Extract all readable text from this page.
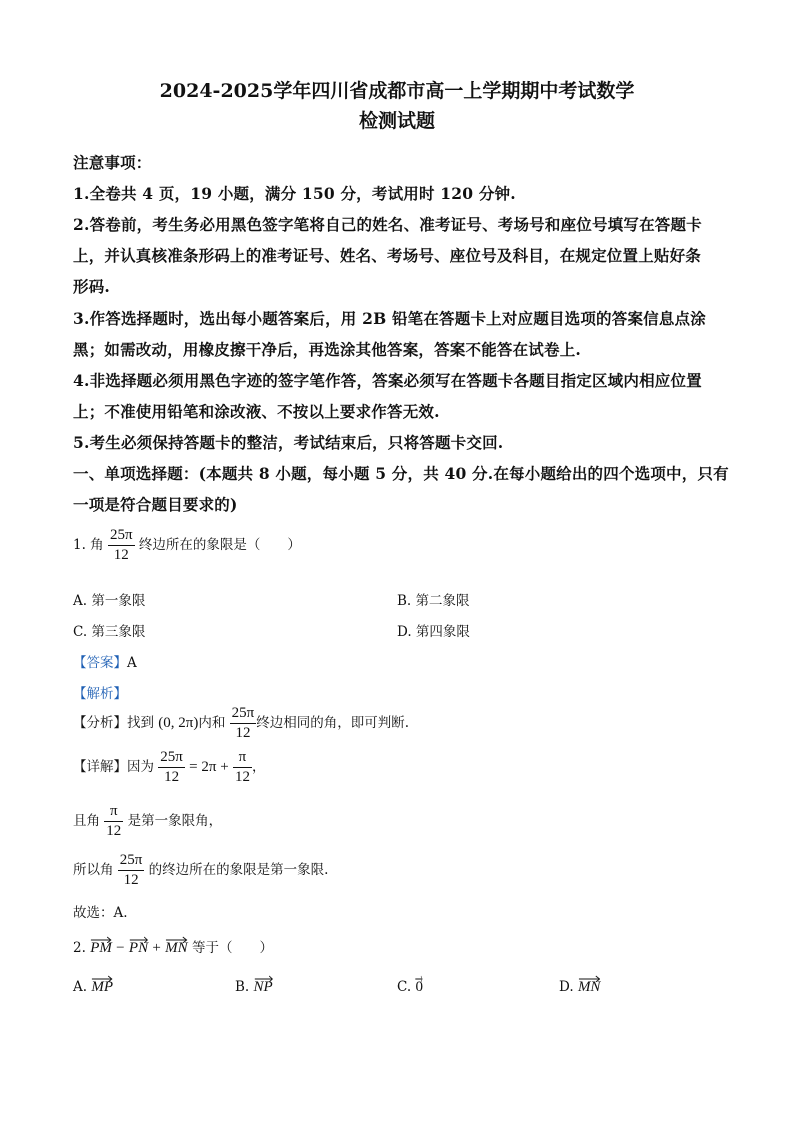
2024-2025学年四川省成都市高一上学期期中考试数学
检测试题
注意事项：
1.全卷共 4 页，19 小题，满分 150 分，考试用时 120 分钟.
2.答卷前，考生务必用黑色签字笔将自己的姓名、准考证号、考场号和座位号填写在答题卡
上，并认真核准条形码上的准考证号、姓名、考场号、座位号及科目，在规定位置上贴好条
形码.
3.作答选择题时，选出每小题答案后，用 2B 铅笔在答题卡上对应题目选项的答案信息点涂
黑；如需改动，用橡皮擦干净后，再选涂其他答案，答案不能答在试卷上.
4.非选择题必须用黑色字迹的签字笔作答，答案必须写在答题卡各题目指定区域内相应位置
上；不准使用铅笔和涂改液、不按以上要求作答无效.
5.考生必须保持答题卡的整洁，考试结束后，只将答题卡交回.
一、单项选择题：(本题共 8 小题，每小题 5 分，共 40 分.在每小题给出的四个选项中，只有
一项是符合题目要求的)
1. 角 $\frac{25\pi}{12}$ 终边所在的象限是（　　）
A. 第一象限	B. 第二象限
C. 第三象限	D. 第四象限
【答案】A
【解析】
【分析】找到 (0, 2π)内和 $\frac{25\pi}{12}$ 终边相同的角，即可判断.
【详解】因为 $\frac{25\pi}{12} = 2\pi + \frac{\pi}{12}$ ，
且角 $\frac{\pi}{12}$ 是第一象限角，
所以角 $\frac{25\pi}{12}$ 的终边所在的象限是第一象限.
故选：A.
2. PM − PN + MN 等于（　　）
A. MP	B. NP	C. 0	D. MN
